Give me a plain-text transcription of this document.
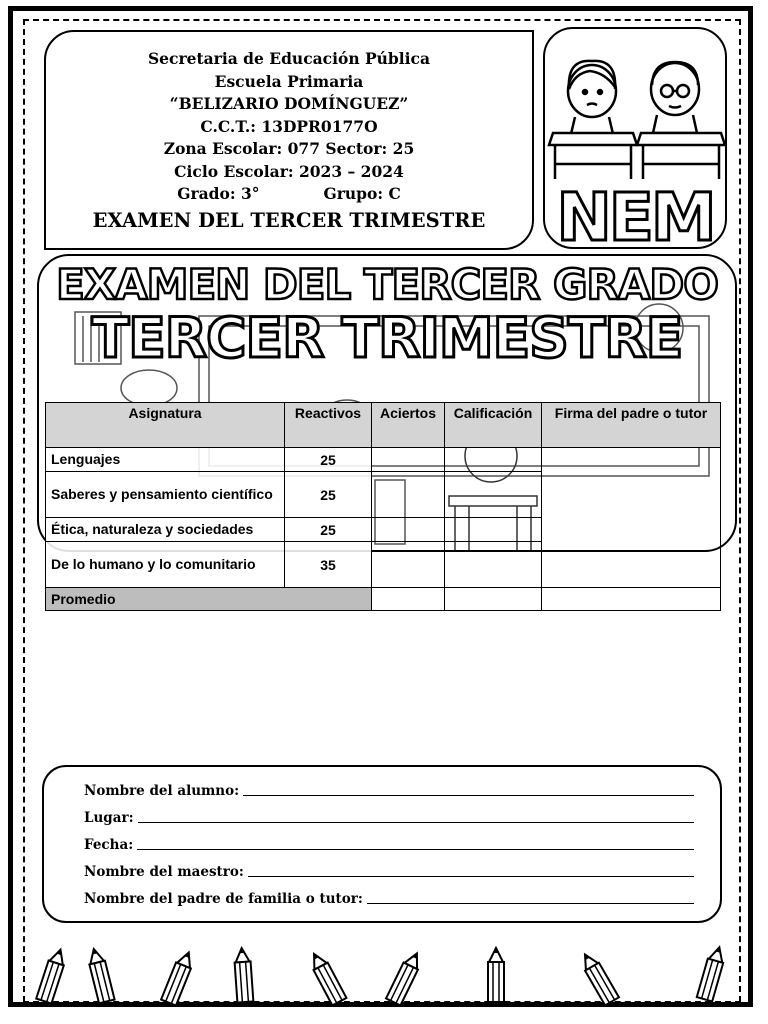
Secretaria de Educación Pública
Escuela Primaria
“BELIZARIO DOMÍNGUEZ”
C.C.T.: 13DPR0177O
Zona Escolar: 077 Sector: 25
Ciclo Escolar: 2023 – 2024
Grado: 3°	Grupo: C
EXAMEN DEL TERCER TRIMESTRE	NEM
EXAMEN DEL TERCER GRADO
TERCER TRIMESTRE
Asignatura	Reactivos	Aciertos	Calificación	Firma del padre o tutor
Lenguajes	25			
Saberes y pensamiento científico	25			
Ética, naturaleza y sociedades	25			
De lo humano y lo comunitario	35			
Promedio				
Nombre del alumno:
Lugar:
Fecha:
Nombre del maestro:
Nombre del padre de familia o tutor:
